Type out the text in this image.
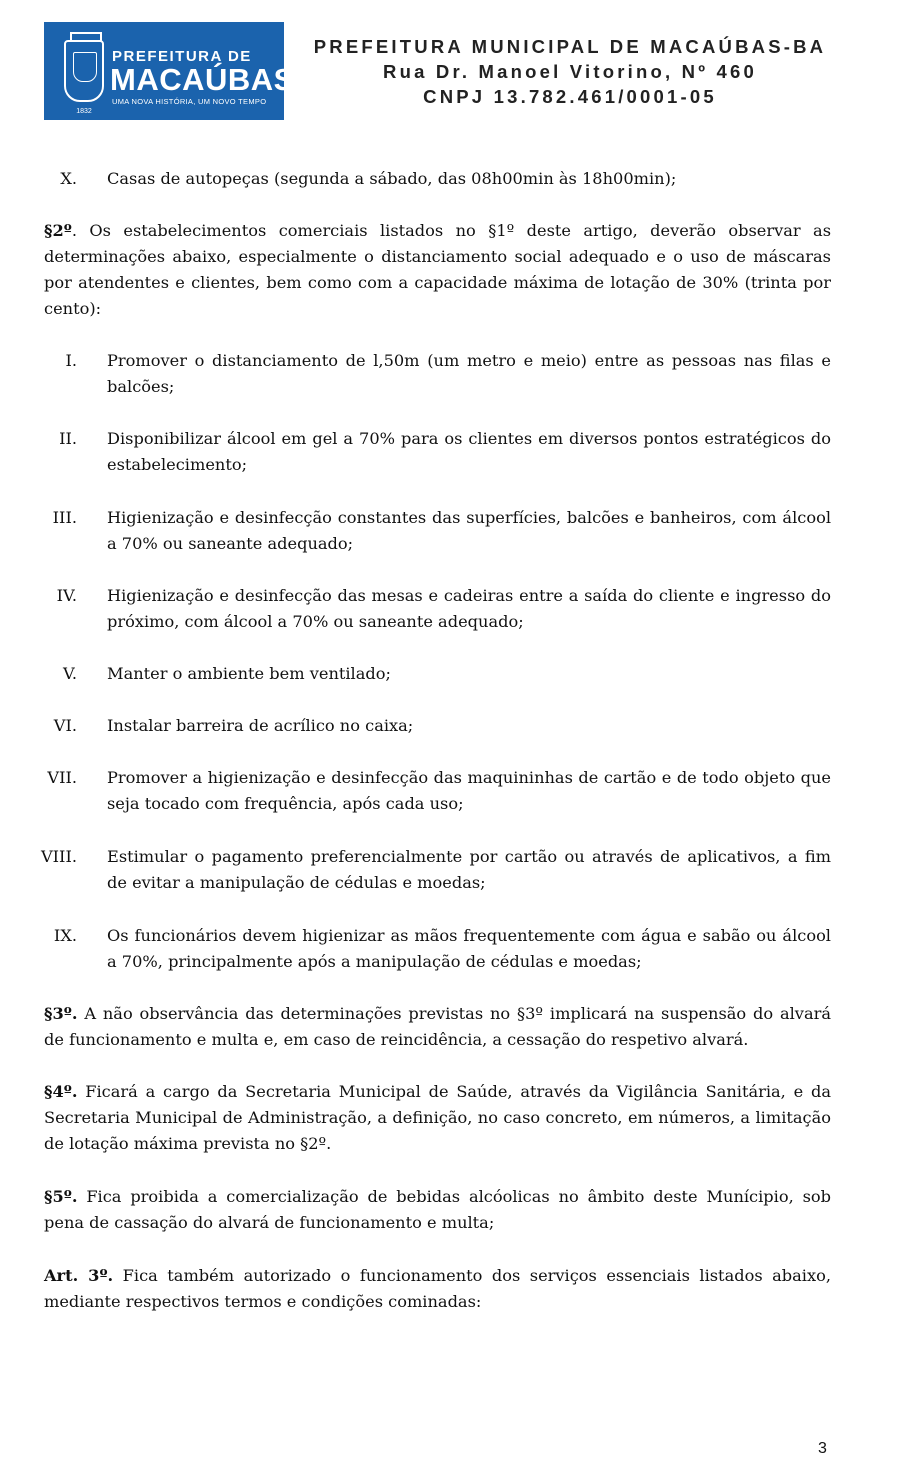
1832
PREFEITURA DE
MACAÚBAS
UMA NOVA HISTÓRIA, UM NOVO TEMPO
PREFEITURA MUNICIPAL DE MACAÚBAS-BA
Rua Dr. Manoel Vitorino, Nº 460
CNPJ 13.782.461/0001-05
X. Casas de autopeças (segunda a sábado, das 08h00min às 18h00min);

§2º. Os estabelecimentos comerciais listados no §1º deste artigo, deverão observar as determinações abaixo, especialmente o distanciamento social adequado e o uso de máscaras por atendentes e clientes, bem como com a capacidade máxima de lotação de 30% (trinta por cento):

I. Promover o distanciamento de l,50m (um metro e meio) entre as pessoas nas filas e balcões;

II. Disponibilizar álcool em gel a 70% para os clientes em diversos pontos estratégicos do estabelecimento;

III. Higienização e desinfecção constantes das superfícies, balcões e banheiros, com álcool a 70% ou saneante adequado;

IV. Higienização e desinfecção das mesas e cadeiras entre a saída do cliente e ingresso do próximo, com álcool a 70% ou saneante adequado;

V. Manter o ambiente bem ventilado;

VI. Instalar barreira de acrílico no caixa;

VII. Promover a higienização e desinfecção das maquininhas de cartão e de todo objeto que seja tocado com frequência, após cada uso;

VIII. Estimular o pagamento preferencialmente por cartão ou através de aplicativos, a fim de evitar a manipulação de cédulas e moedas;

IX. Os funcionários devem higienizar as mãos frequentemente com água e sabão ou álcool a 70%, principalmente após a manipulação de cédulas e moedas;

§3º. A não observância das determinações previstas no §3º implicará na suspensão do alvará de funcionamento e multa e, em caso de reincidência, a cessação do respetivo alvará.

§4º. Ficará a cargo da Secretaria Municipal de Saúde, através da Vigilância Sanitária, e da Secretaria Municipal de Administração, a definição, no caso concreto, em números, a limitação de lotação máxima prevista no §2º.

§5º. Fica proibida a comercialização de bebidas alcóolicas no âmbito deste Munícipio, sob pena de cassação do alvará de funcionamento e multa;

Art. 3º. Fica também autorizado o funcionamento dos serviços essenciais listados abaixo, mediante respectivos termos e condições cominadas:

3
